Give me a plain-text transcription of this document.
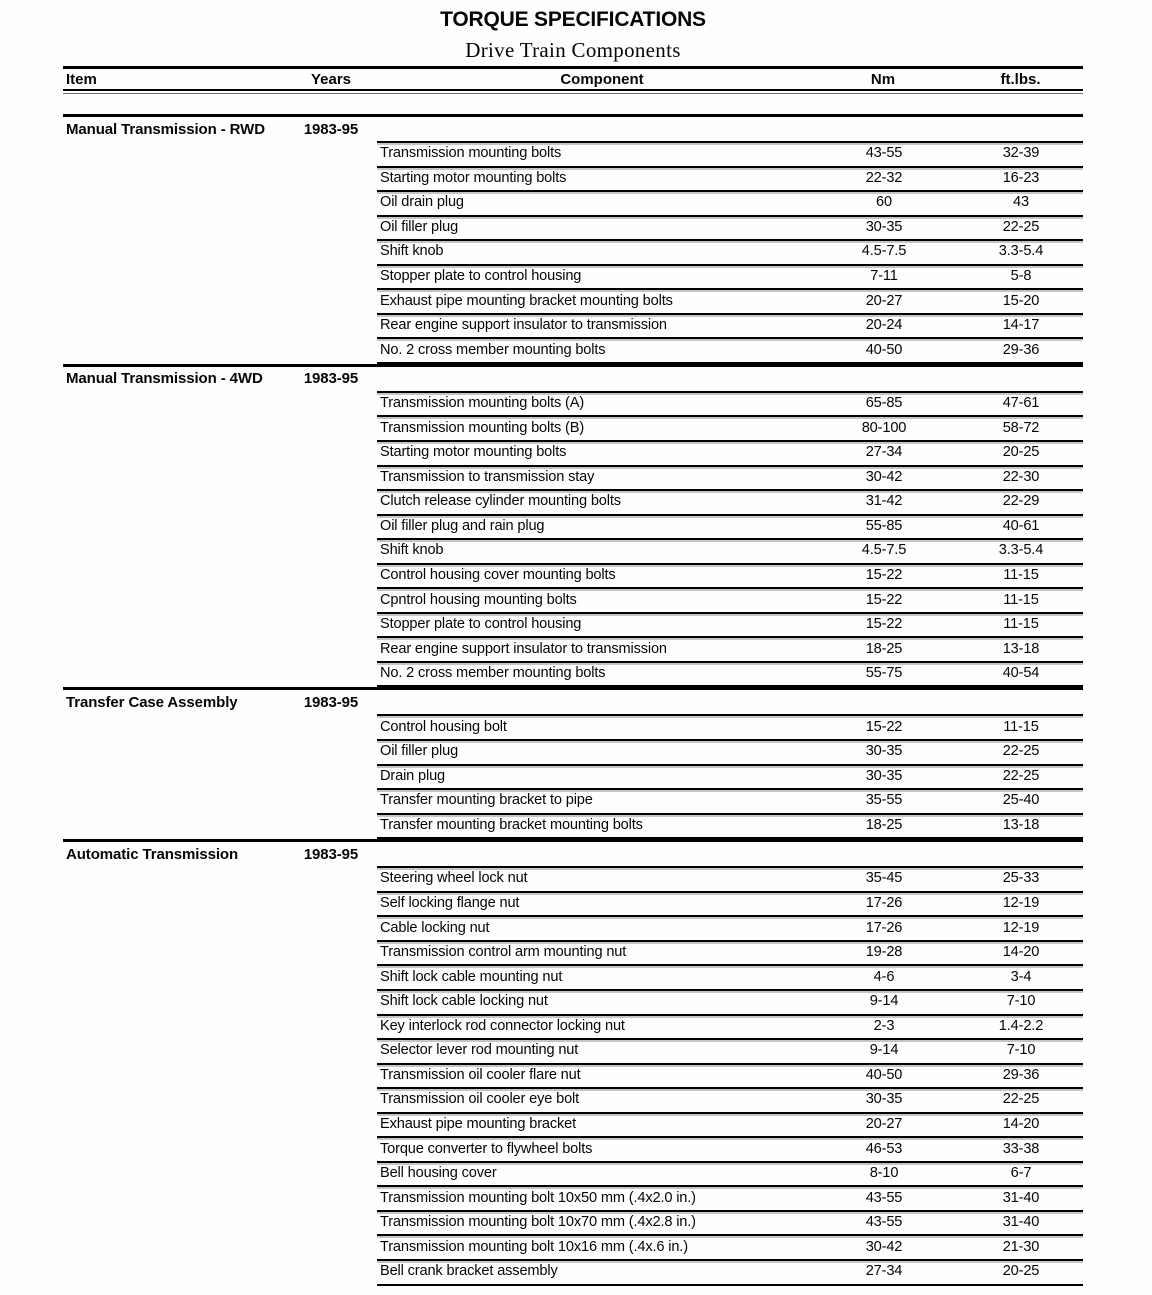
TORQUE SPECIFICATIONS
Drive Train Components
Item	Years	Component	Nm	ft.lbs.
Manual Transmission - RWD	1983-95
Transmission mounting bolts	43-55	32-39
Starting motor mounting bolts	22-32	16-23
Oil drain plug	60	43
Oil filler plug	30-35	22-25
Shift knob	4.5-7.5	3.3-5.4
Stopper plate to control housing	7-11	5-8
Exhaust pipe mounting bracket mounting bolts	20-27	15-20
Rear engine support insulator to transmission	20-24	14-17
No. 2 cross member mounting bolts	40-50	29-36
Manual Transmission - 4WD	1983-95
Transmission mounting bolts (A)	65-85	47-61
Transmission mounting bolts (B)	80-100	58-72
Starting motor mounting bolts	27-34	20-25
Transmission to transmission stay	30-42	22-30
Clutch release cylinder mounting bolts	31-42	22-29
Oil filler plug and rain plug	55-85	40-61
Shift knob	4.5-7.5	3.3-5.4
Control housing cover mounting bolts	15-22	11-15
Cpntrol housing mounting bolts	15-22	11-15
Stopper plate to control housing	15-22	11-15
Rear engine support insulator to transmission	18-25	13-18
No. 2 cross member mounting bolts	55-75	40-54
Transfer Case Assembly	1983-95
Control housing bolt	15-22	11-15
Oil filler plug	30-35	22-25
Drain plug	30-35	22-25
Transfer mounting bracket to pipe	35-55	25-40
Transfer mounting bracket mounting bolts	18-25	13-18
Automatic Transmission	1983-95
Steering wheel lock nut	35-45	25-33
Self locking flange nut	17-26	12-19
Cable locking nut	17-26	12-19
Transmission control arm mounting nut	19-28	14-20
Shift lock cable mounting nut	4-6	3-4
Shift lock cable locking nut	9-14	7-10
Key interlock rod connector locking nut	2-3	1.4-2.2
Selector lever rod mounting nut	9-14	7-10
Transmission oil cooler flare nut	40-50	29-36
Transmission oil cooler eye bolt	30-35	22-25
Exhaust pipe mounting bracket	20-27	14-20
Torque converter to flywheel bolts	46-53	33-38
Bell housing cover	8-10	6-7
Transmission mounting bolt 10x50 mm (.4x2.0 in.)	43-55	31-40
Transmission mounting bolt 10x70 mm (.4x2.8 in.)	43-55	31-40
Transmission mounting bolt 10x16 mm (.4x.6 in.)	30-42	21-30
Bell crank bracket assembly	27-34	20-25
